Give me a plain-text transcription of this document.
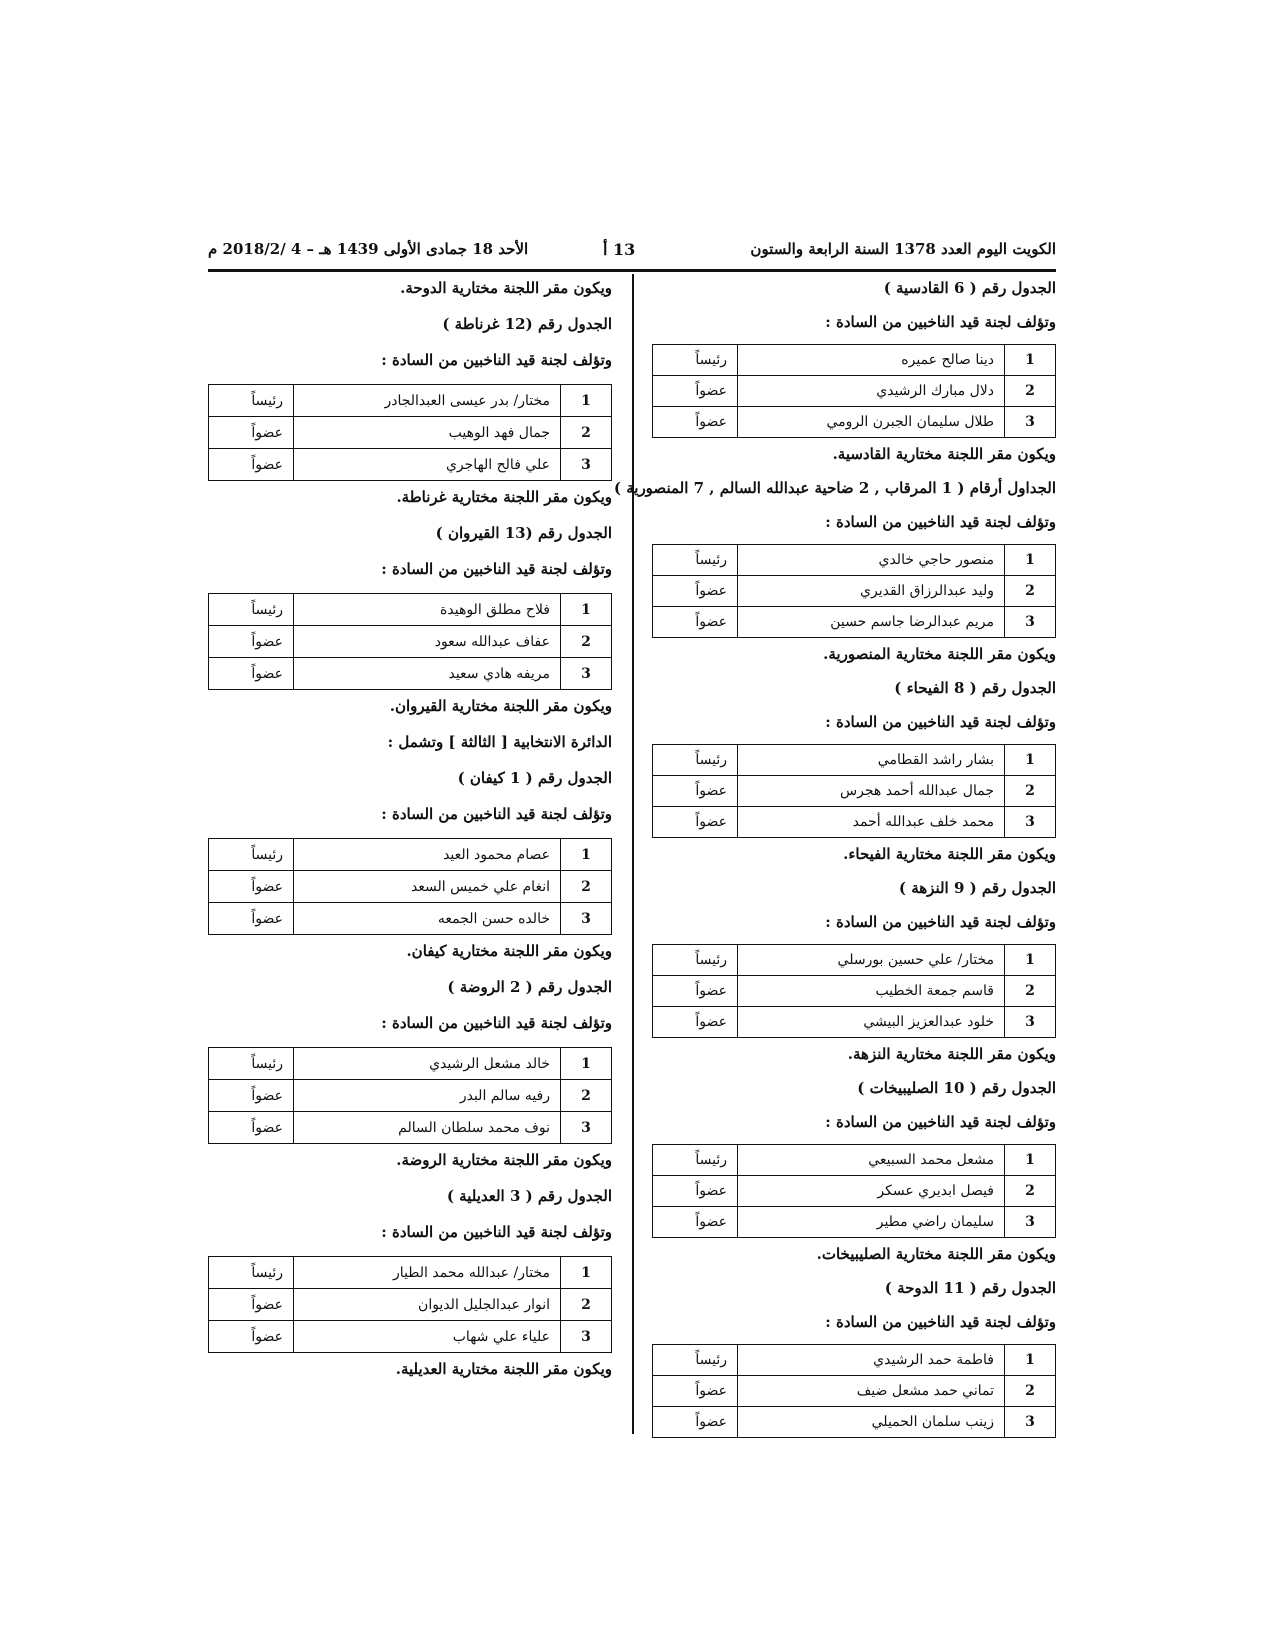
الكويت اليوم العدد 1378 السنة الرابعة والستون
13 أ
الأحد 18 جمادى الأولى 1439 هـ – 4 /2018/2 م
الجدول رقم ( 6 القادسية )
وتؤلف لجنة قيد الناخبين من السادة :
1	دينا صالح عميره	رئيساً
2	دلال مبارك الرشيدي	عضواً
3	طلال سليمان الجبرن الرومي	عضواً
ويكون مقر اللجنة مختارية القادسية.
الجداول أرقام ( 1 المرقاب , 2 ضاحية عبدالله السالم , 7 المنصورية )
وتؤلف لجنة قيد الناخبين من السادة :
1	منصور حاجي خالدي	رئيساً
2	وليد عبدالرزاق القديري	عضواً
3	مريم عبدالرضا جاسم حسين	عضواً
ويكون مقر اللجنة مختارية المنصورية.
الجدول رقم ( 8 الفيحاء )
وتؤلف لجنة قيد الناخبين من السادة :
1	بشار راشد القطامي	رئيساً
2	جمال عبدالله أحمد هجرس	عضواً
3	محمد خلف عبدالله أحمد	عضواً
ويكون مقر اللجنة مختارية الفيحاء.
الجدول رقم ( 9 النزهة )
وتؤلف لجنة قيد الناخبين من السادة :
1	مختار/ علي حسين بورسلي	رئيساً
2	قاسم جمعة الخطيب	عضواً
3	خلود عبدالعزيز البيشي	عضواً
ويكون مقر اللجنة مختارية النزهة.
الجدول رقم ( 10 الصليبيخات )
وتؤلف لجنة قيد الناخبين من السادة :
1	مشعل محمد السبيعي	رئيساً
2	فيصل ابديري عسكر	عضواً
3	سليمان راضي مطير	عضواً
ويكون مقر اللجنة مختارية الصليبيخات.
الجدول رقم ( 11 الدوحة )
وتؤلف لجنة قيد الناخبين من السادة :
1	فاطمة حمد الرشيدي	رئيساً
2	تماني حمد مشعل ضيف	عضواً
3	زينب سلمان الحميلي	عضواً
ويكون مقر اللجنة مختارية الدوحة.
الجدول رقم (12 غرناطة )
وتؤلف لجنة قيد الناخبين من السادة :
1	مختار/ بدر عيسى العبدالجادر	رئيساً
2	جمال فهد الوهيب	عضواً
3	علي فالح الهاجري	عضواً
ويكون مقر اللجنة مختارية غرناطة.
الجدول رقم (13 القيروان )
وتؤلف لجنة قيد الناخبين من السادة :
1	فلاح مطلق الوهيدة	رئيساً
2	عفاف عبدالله سعود	عضواً
3	مريفه هادي سعيد	عضواً
ويكون مقر اللجنة مختارية القيروان.
الدائرة الانتخابية [ الثالثة ] وتشمل :
الجدول رقم ( 1 كيفان )
وتؤلف لجنة قيد الناخبين من السادة :
1	عصام محمود العيد	رئيساً
2	انغام علي خميس السعد	عضواً
3	خالده حسن الجمعه	عضواً
ويكون مقر اللجنة مختارية كيفان.
الجدول رقم ( 2 الروضة )
وتؤلف لجنة قيد الناخبين من السادة :
1	خالد مشعل الرشيدي	رئيساً
2	رفيه سالم البدر	عضواً
3	نوف محمد سلطان السالم	عضواً
ويكون مقر اللجنة مختارية الروضة.
الجدول رقم ( 3 العديلية )
وتؤلف لجنة قيد الناخبين من السادة :
1	مختار/ عبدالله محمد الطيار	رئيساً
2	انوار عبدالجليل الديوان	عضواً
3	علياء علي شهاب	عضواً
ويكون مقر اللجنة مختارية العديلية.
